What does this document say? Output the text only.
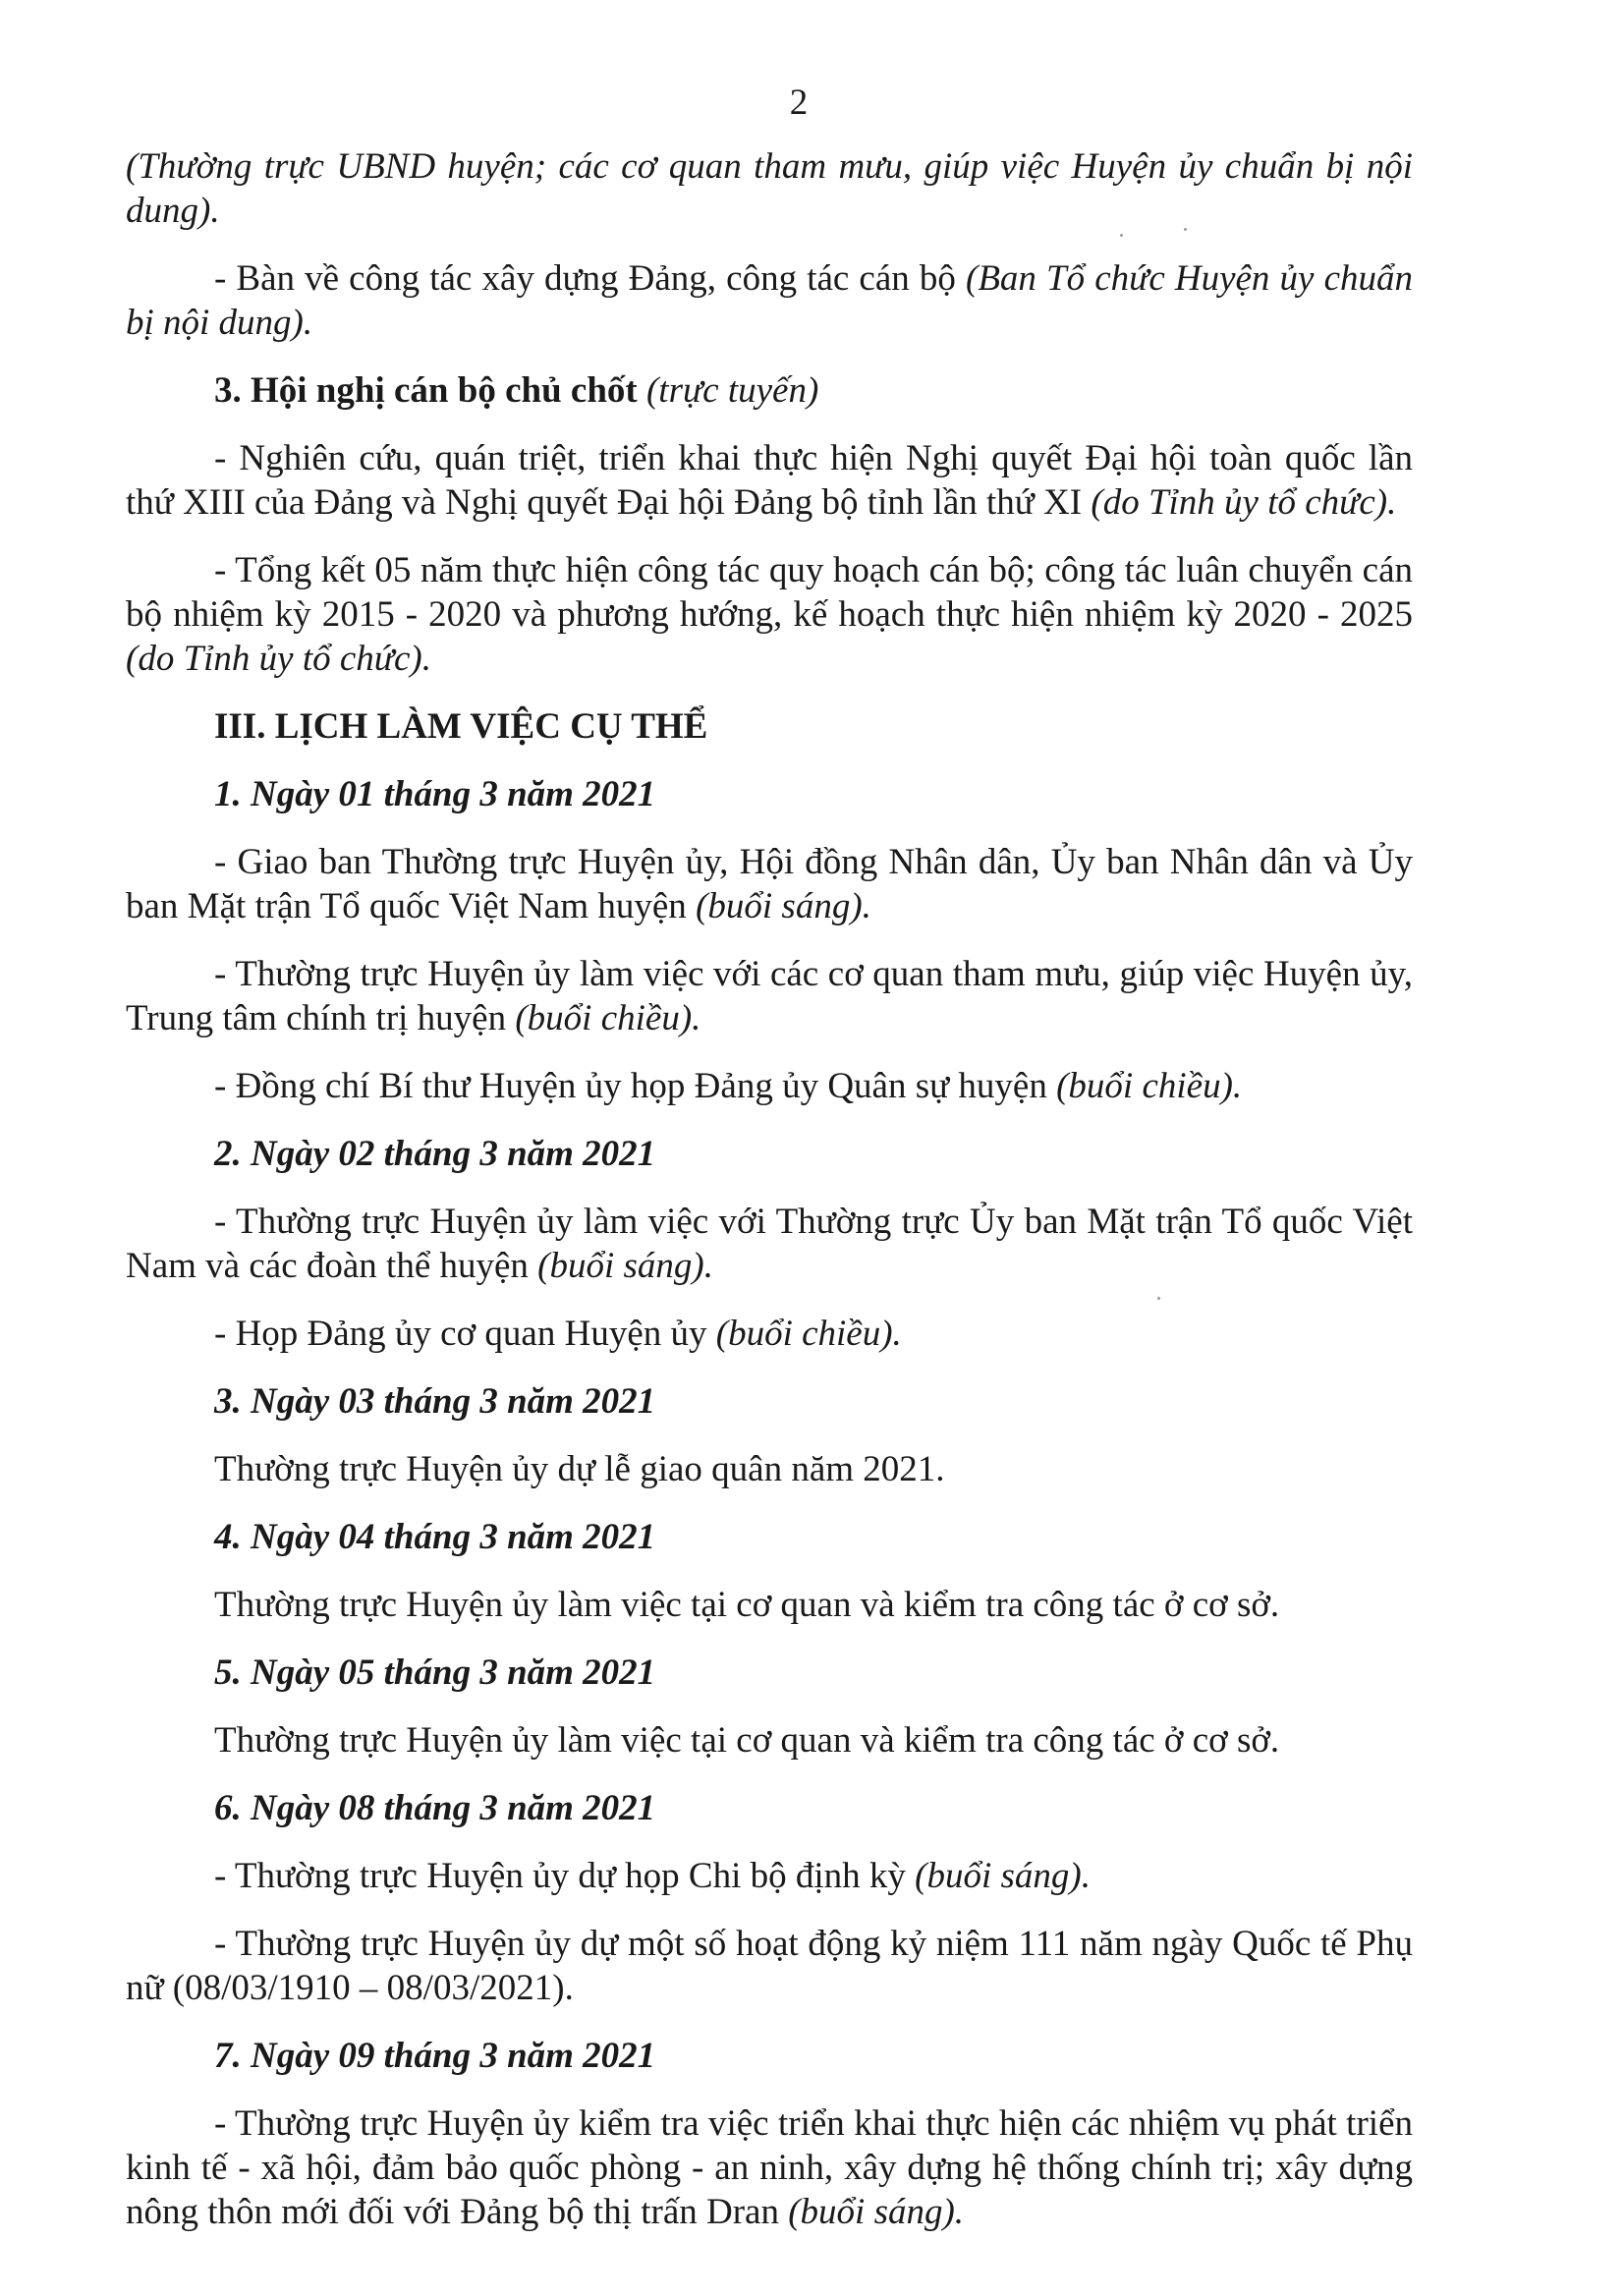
2

(Thường trực UBND huyện; các cơ quan tham mưu, giúp việc Huyện ủy chuẩn bị nội dung).

- Bàn về công tác xây dựng Đảng, công tác cán bộ (Ban Tổ chức Huyện ủy chuẩn bị nội dung).

3. Hội nghị cán bộ chủ chốt (trực tuyến)

- Nghiên cứu, quán triệt, triển khai thực hiện Nghị quyết Đại hội toàn quốc lần thứ XIII của Đảng và Nghị quyết Đại hội Đảng bộ tỉnh lần thứ XI (do Tỉnh ủy tổ chức).

- Tổng kết 05 năm thực hiện công tác quy hoạch cán bộ; công tác luân chuyển cán bộ nhiệm kỳ 2015 - 2020 và phương hướng, kế hoạch thực hiện nhiệm kỳ 2020 - 2025 (do Tỉnh ủy tổ chức).

III. LỊCH LÀM VIỆC CỤ THỂ
1. Ngày 01 tháng 3 năm 2021

- Giao ban Thường trực Huyện ủy, Hội đồng Nhân dân, Ủy ban Nhân dân và Ủy ban Mặt trận Tổ quốc Việt Nam huyện (buổi sáng).

- Thường trực Huyện ủy làm việc với các cơ quan tham mưu, giúp việc Huyện ủy, Trung tâm chính trị huyện (buổi chiều).

- Đồng chí Bí thư Huyện ủy họp Đảng ủy Quân sự huyện (buổi chiều).

2. Ngày 02 tháng 3 năm 2021

- Thường trực Huyện ủy làm việc với Thường trực Ủy ban Mặt trận Tổ quốc Việt Nam và các đoàn thể huyện (buổi sáng).

- Họp Đảng ủy cơ quan Huyện ủy (buổi chiều).

3. Ngày 03 tháng 3 năm 2021

Thường trực Huyện ủy dự lễ giao quân năm 2021.

4. Ngày 04 tháng 3 năm 2021

Thường trực Huyện ủy làm việc tại cơ quan và kiểm tra công tác ở cơ sở.

5. Ngày 05 tháng 3 năm 2021

Thường trực Huyện ủy làm việc tại cơ quan và kiểm tra công tác ở cơ sở.

6. Ngày 08 tháng 3 năm 2021

- Thường trực Huyện ủy dự họp Chi bộ định kỳ (buổi sáng).

- Thường trực Huyện ủy dự một số hoạt động kỷ niệm 111 năm ngày Quốc tế Phụ nữ (08/03/1910 – 08/03/2021).

7. Ngày 09 tháng 3 năm 2021

- Thường trực Huyện ủy kiểm tra việc triển khai thực hiện các nhiệm vụ phát triển kinh tế - xã hội, đảm bảo quốc phòng - an ninh, xây dựng hệ thống chính trị; xây dựng nông thôn mới đối với Đảng bộ thị trấn Dran (buổi sáng).
